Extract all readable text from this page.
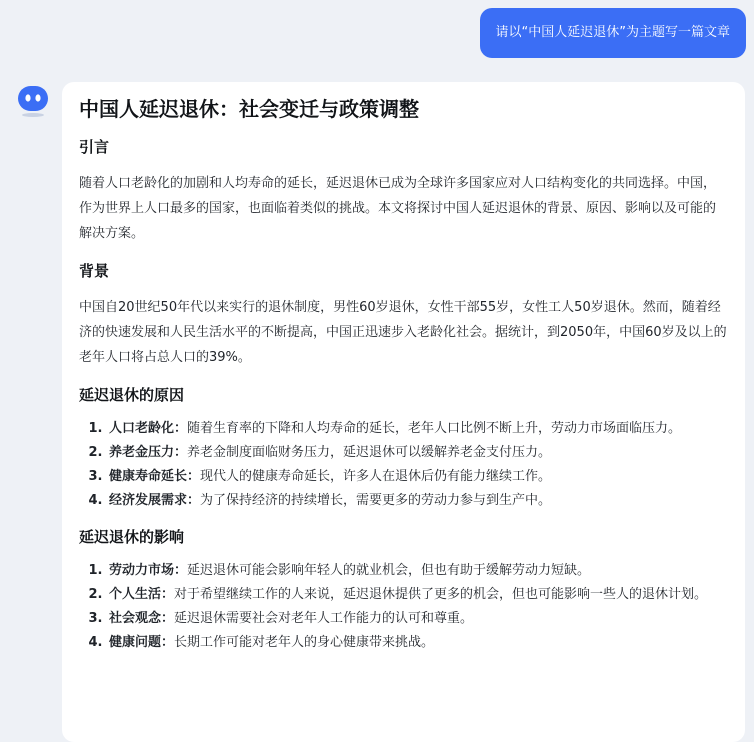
请以“中国人延迟退休”为主题写一篇文章
中国人延迟退休：社会变迁与政策调整
引言

随着人口老龄化的加剧和人均寿命的延长，延迟退休已成为全球许多国家应对人口结构变化的共同选择。中国，作为世界上人口最多的国家，也面临着类似的挑战。本文将探讨中国人延迟退休的背景、原因、影响以及可能的解决方案。

背景

中国自20世纪50年代以来实行的退休制度，男性60岁退休，女性干部55岁，女性工人50岁退休。然而，随着经济的快速发展和人民生活水平的不断提高，中国正迅速步入老龄化社会。据统计，到2050年，中国60岁及以上的老年人口将占总人口的39%。

延迟退休的原因
1. 人口老龄化：随着生育率的下降和人均寿命的延长，老年人口比例不断上升，劳动力市场面临压力。
2. 养老金压力：养老金制度面临财务压力，延迟退休可以缓解养老金支付压力。
3. 健康寿命延长：现代人的健康寿命延长，许多人在退休后仍有能力继续工作。
4. 经济发展需求：为了保持经济的持续增长，需要更多的劳动力参与到生产中。
延迟退休的影响
1. 劳动力市场：延迟退休可能会影响年轻人的就业机会，但也有助于缓解劳动力短缺。
2. 个人生活：对于希望继续工作的人来说，延迟退休提供了更多的机会，但也可能影响一些人的退休计划。
3. 社会观念：延迟退休需要社会对老年人工作能力的认可和尊重。
4. 健康问题：长期工作可能对老年人的身心健康带来挑战。
